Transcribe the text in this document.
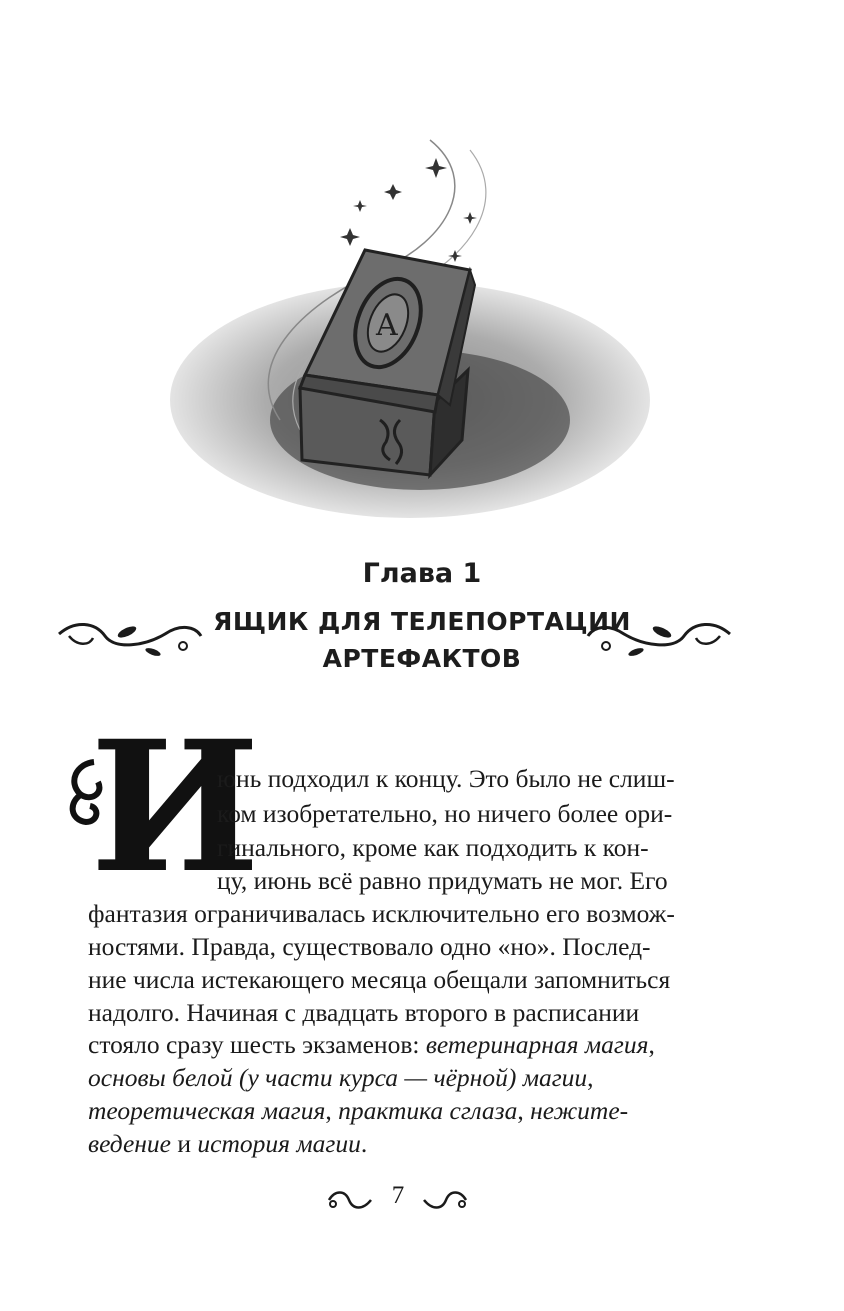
A
Глава 1
ЯЩИК ДЛЯ ТЕЛЕПОРТАЦИИ
АРТЕФАКТОВ
И
юнь подходил к концу. Это было не слиш-
ком изобретательно, но ничего более ори-
гинального, кроме как подходить к кон-
цу, июнь всё равно придумать не мог. Его
фантазия ограничивалась исключительно его возмож-
ностями. Правда, существовало одно «но». Послед-
ние числа истекающего месяца обещали запомниться
надолго. Начиная с двадцать второго в расписании
стояло сразу шесть экзаменов: ветеринарная магия,
основы белой (у части курса — чёрной) магии,
теоретическая магия, практика сглаза, нежите-
ведение и история магии.
7
